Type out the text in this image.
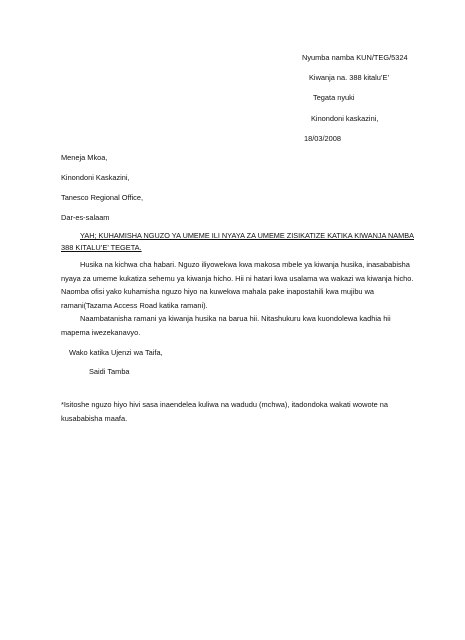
Nyumba namba KUN/TEG/5324
Kiwanja na. 388 kitalu’E’
Tegata nyuki
Kinondoni kaskazini,
18/03/2008
Meneja Mkoa,
Kinondoni Kaskazini,
Tanesco Regional Office,
Dar-es-salaam
YAH; KUHAMISHA NGUZO YA UMEME ILI NYAYA ZA UMEME ZISIKATIZE KATIKA KIWANJA NAMBA
388 KITALU’E’ TEGETA.
Husika na kichwa cha habari. Nguzo iliyowekwa kwa makosa mbele ya kiwanja husika, inasababisha nyaya za umeme kukatiza sehemu ya kiwanja hicho. Hii ni hatari kwa usalama wa wakazi wa kiwanja hicho. Naomba ofisi yako kuhamisha nguzo hiyo na kuwekwa mahala pake inapostahili kwa mujibu wa ramani(Tazama Access Road katika ramani).
Naambatanisha ramani ya kiwanja husika na barua hii. Nitashukuru kwa kuondolewa kadhia hii mapema iwezekanavyo.
Wako katika Ujenzi wa Taifa,
Saidi Tamba
*Isitoshe nguzo hiyo hivi sasa inaendelea kuliwa na wadudu (mchwa), itadondoka wakati wowote na kusababisha maafa.
